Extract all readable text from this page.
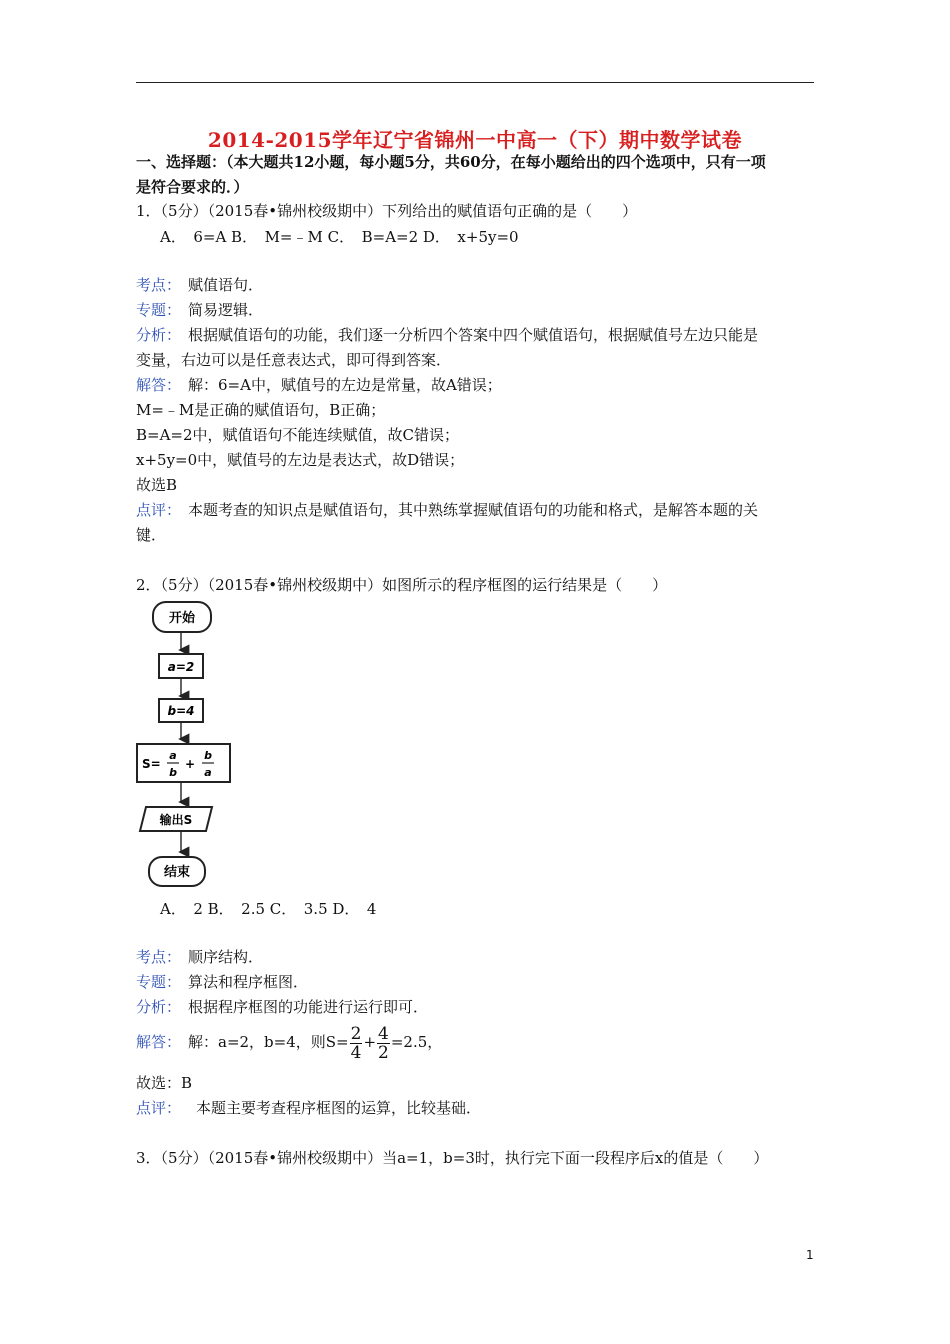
2014-2015学年辽宁省锦州一中高一（下）期中数学试卷
一、选择题：（本大题共12小题，每小题5分，共60分，在每小题给出的四个选项中，只有一项
是符合要求的．）
1．（5分）（2015春•锦州校级期中）下列给出的赋值语句正确的是（　　）
A．　6=A B．　M=﹣M C．　B=A=2 D．　x+5y=0
考点： 赋值语句．
专题： 简易逻辑．
分析： 根据赋值语句的功能，我们逐一分析四个答案中四个赋值语句，根据赋值号左边只能是
变量，右边可以是任意表达式，即可得到答案．
解答： 解：6=A中，赋值号的左边是常量，故A错误；
M=﹣M是正确的赋值语句，B正确；
B=A=2中，赋值语句不能连续赋值，故C错误；
x+5y=0中，赋值号的左边是表达式，故D错误；
故选B
点评： 本题考查的知识点是赋值语句，其中熟练掌握赋值语句的功能和格式，是解答本题的关
键．
2．（5分）（2015春•锦州校级期中）如图所示的程序框图的运行结果是（　　）
开始
a=2
b=4
S=
a
b
+
b
a
输出S
结束
A．　2 B．　2.5 C．　3.5 D．　4
考点： 顺序结构．
专题： 算法和程序框图．
分析： 根据程序框图的功能进行运行即可．
解答： 解：a=2，b=4，则$S= \frac{2}{4} + \frac{4}{2} =2.5$，
故选：B
点评： 本题主要考查程序框图的运算，比较基础．
3．（5分）（2015春•锦州校级期中）当a=1，b=3时，执行完下面一段程序后x的值是（　　）
1
